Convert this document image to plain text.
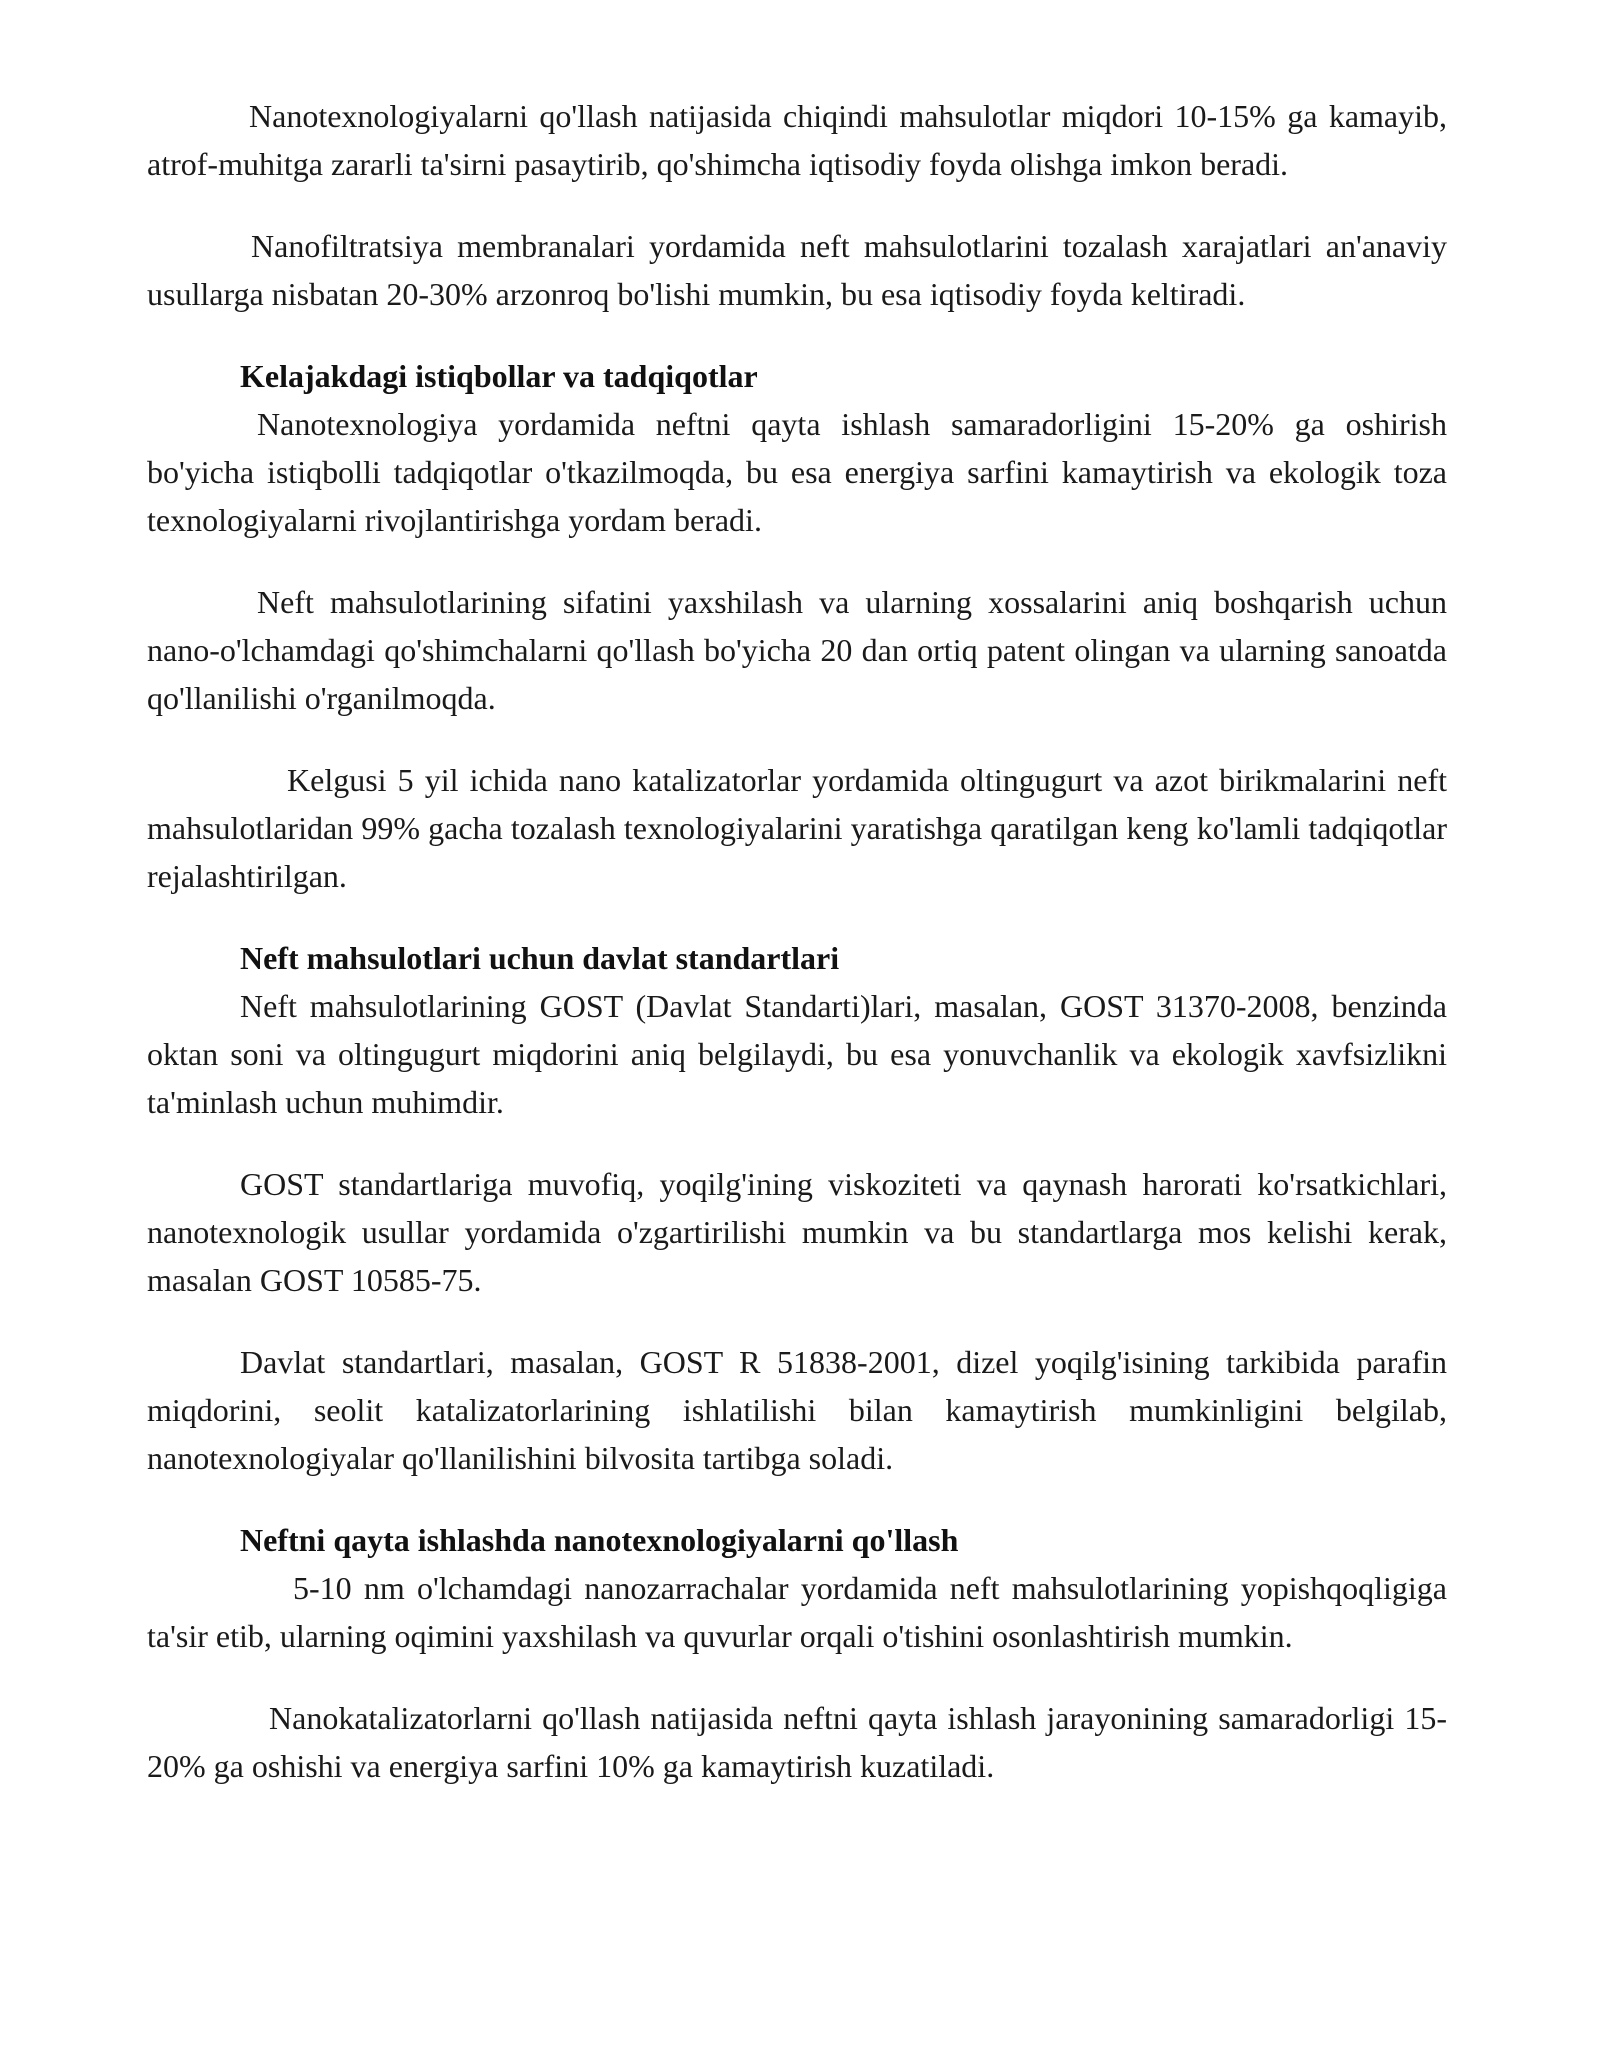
Nanotexnologiyalarni qo'llash natijasida chiqindi mahsulotlar miqdori 10-15% ga kamayib, atrof-muhitga zararli ta'sirni pasaytirib, qo'shimcha iqtisodiy foyda olishga imkon beradi.

Nanofiltratsiya membranalari yordamida neft mahsulotlarini tozalash xarajatlari an'anaviy usullarga nisbatan 20-30% arzonroq bo'lishi mumkin, bu esa iqtisodiy foyda keltiradi.

Kelajakdagi istiqbollar va tadqiqotlar

Nanotexnologiya yordamida neftni qayta ishlash samaradorligini 15-20% ga oshirish bo'yicha istiqbolli tadqiqotlar o'tkazilmoqda, bu esa energiya sarfini kamaytirish va ekologik toza texnologiyalarni rivojlantirishga yordam beradi.

Neft mahsulotlarining sifatini yaxshilash va ularning xossalarini aniq boshqarish uchun nano-o'lchamdagi qo'shimchalarni qo'llash bo'yicha 20 dan ortiq patent olingan va ularning sanoatda qo'llanilishi o'rganilmoqda.

Kelgusi 5 yil ichida nano katalizatorlar yordamida oltingugurt va azot birikmalarini neft mahsulotlaridan 99% gacha tozalash texnologiyalarini yaratishga qaratilgan keng ko'lamli tadqiqotlar rejalashtirilgan.

Neft mahsulotlari uchun davlat standartlari

Neft mahsulotlarining GOST (Davlat Standarti)lari, masalan, GOST 31370-2008, benzinda oktan soni va oltingugurt miqdorini aniq belgilaydi, bu esa yonuvchanlik va ekologik xavfsizlikni ta'minlash uchun muhimdir.

GOST standartlariga muvofiq, yoqilg'ining viskoziteti va qaynash harorati ko'rsatkichlari, nanotexnologik usullar yordamida o'zgartirilishi mumkin va bu standartlarga mos kelishi kerak, masalan GOST 10585-75.

Davlat standartlari, masalan, GOST R 51838-2001, dizel yoqilg'isining tarkibida parafin miqdorini, seolit katalizatorlarining ishlatilishi bilan kamaytirish mumkinligini belgilab, nanotexnologiyalar qo'llanilishini bilvosita tartibga soladi.

Neftni qayta ishlashda nanotexnologiyalarni qo'llash

5-10 nm o'lchamdagi nanozarrachalar yordamida neft mahsulotlarining yopishqoqligiga ta'sir etib, ularning oqimini yaxshilash va quvurlar orqali o'tishini osonlashtirish mumkin.

Nanokatalizatorlarni qo'llash natijasida neftni qayta ishlash jarayonining samaradorligi 15-20% ga oshishi va energiya sarfini 10% ga kamaytirish kuzatiladi.
